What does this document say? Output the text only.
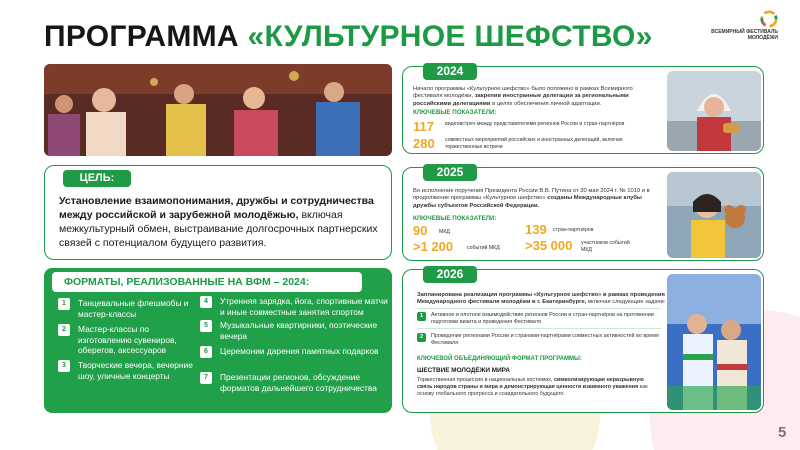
ПРОГРАММА «КУЛЬТУРНОЕ ШЕФСТВО»	ВСЕМИРНЫЙ ФЕСТИВАЛЬ МОЛОДЁЖИ
ЦЕЛЬ:
Установление взаимопонимания, дружбы и сотрудничества между российской и зарубежной молодёжью, включая межкультурный обмен, выстраивание долгосрочных партнерских связей с потенциалом будущего развития.
ФОРМАТЫ, РЕАЛИЗОВАННЫЕ НА ВФМ – 2024:
1	Танцевальные флешмобы и мастер-классы
2	Мастер-классы по изготовлению сувениров, оберегов, аксессуаров
3	Творческие вечера, вечерние шоу, уличные концерты
4	Утренняя зарядка, йога, спортивные матчи и иные совместные занятия спортом
5	Музыкальные квартирники, поэтические вечера
6	Церемонии дарения памятных подарков
7	Презентации регионов, обсуждение форматов дальнейшего сотрудничества
2024
Начало программы «Культурное шефство» было положено в рамках Всемирного фестиваля молодёжи, закрепив иностранные делегации за региональными российскими делегациями в целях обеспечения личной адаптации.
КЛЮЧЕВЫЕ ПОКАЗАТЕЛИ:
117 видеовстреч между представителями регионов России и стран-партнёров
280 совместных мероприятий российских и иностранных делегаций, включая торжественные встречи
2025
Во исполнение поручения Президента России В.В. Путина от 30 мая 2024 г. № 1019 и в продолжение программы «Культурное шефство» созданы Международные клубы дружбы субъектов Российской Федерации.
КЛЮЧЕВЫЕ ПОКАЗАТЕЛИ:
90 МКД	139 стран-партнёров
>1 200	событий МКД	>35 000 участников событий МКД
2026
Запланирована реализация программы «Культурное шефство» в рамках проведения Международного фестиваля молодёжи в г. Екатеринбурге, включая следующие задачи:
1	Активное и плотное взаимодействие регионов России и стран-партнёров на протяжении подготовки визита и проведения Фестиваля
2	Проведение регионами России и странами-партнёрами совместных активностей во время Фестиваля
КЛЮЧЕВОЙ ОБЪЕДИНЯЮЩИЙ ФОРМАТ ПРОГРАММЫ:
ШЕСТВИЕ МОЛОДЁЖИ МИРА
Торжественная процессия в национальных костюмах, символизирующая неразрывную связь народов страны и мира и демонстрирующая ценности взаимного уважения как основу глобального прогресса и созидательного будущего.
5
